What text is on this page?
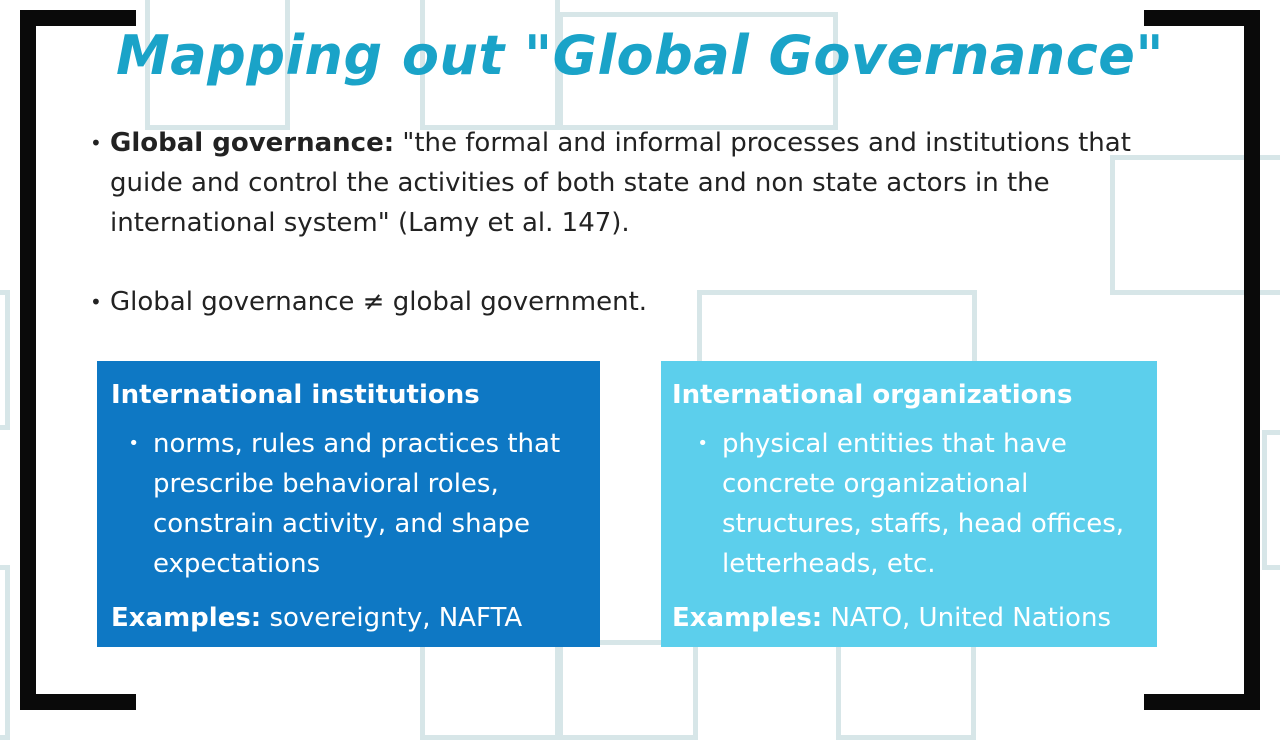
Mapping out "Global Governance"
• Global governance: "the formal and informal processes and institutions that guide and control the activities of both state and non state actors in the international system" (Lamy et al. 147).
• Global governance ≠ global government.
International institutions
• norms, rules and practices that prescribe behavioral roles, constrain activity, and shape expectations
Examples: sovereignty, NAFTA
International organizations
• physical entities that have concrete organizational structures, staffs, head offices, letterheads, etc.
Examples: NATO, United Nations
